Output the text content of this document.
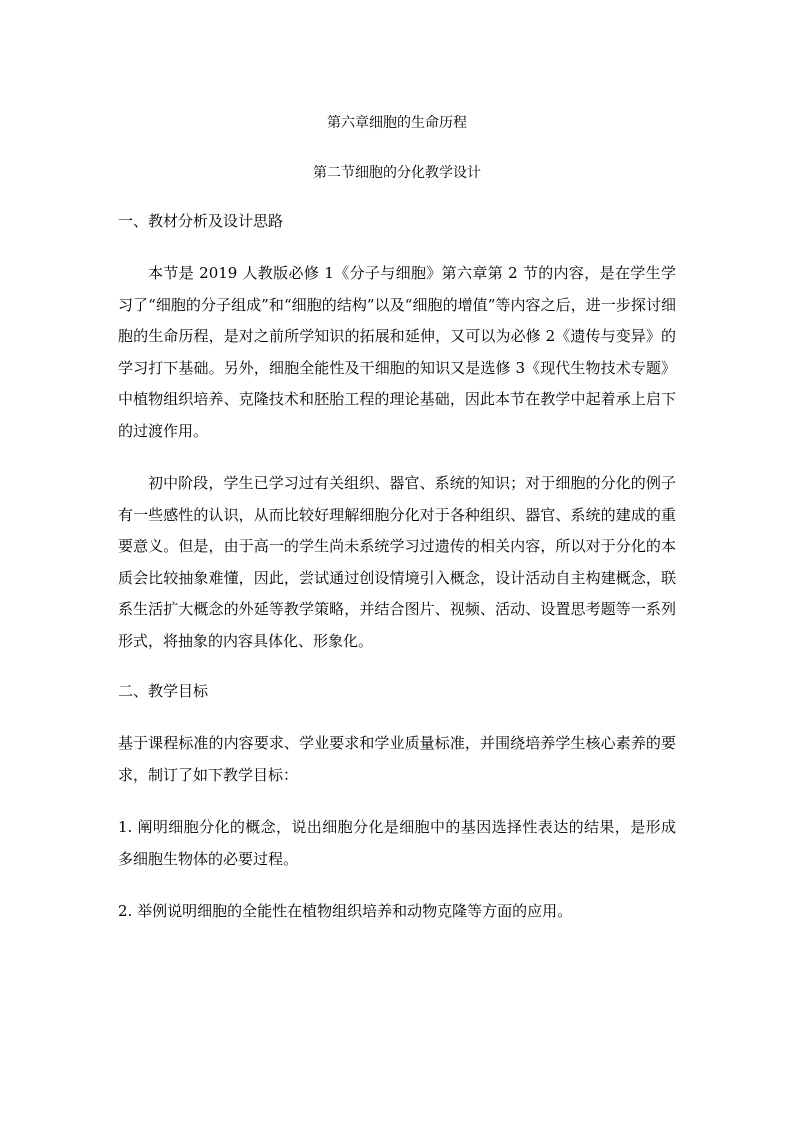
第六章细胞的生命历程

第二节细胞的分化教学设计

一、教材分析及设计思路

本节是 2019 人教版必修 1《分子与细胞》第六章第 2 节的内容，是在学生学习了“细胞的分子组成”和“细胞的结构”以及“细胞的增值”等内容之后，进一步探讨细胞的生命历程，是对之前所学知识的拓展和延伸，又可以为必修 2《遗传与变异》的学习打下基础。另外，细胞全能性及干细胞的知识又是选修 3《现代生物技术专题》中植物组织培养、克隆技术和胚胎工程的理论基础，因此本节在教学中起着承上启下的过渡作用。

初中阶段，学生已学习过有关组织、器官、系统的知识；对于细胞的分化的例子有一些感性的认识，从而比较好理解细胞分化对于各种组织、器官、系统的建成的重要意义。但是，由于高一的学生尚未系统学习过遗传的相关内容，所以对于分化的本质会比较抽象难懂，因此，尝试通过创设情境引入概念，设计活动自主构建概念，联系生活扩大概念的外延等教学策略，并结合图片、视频、活动、设置思考题等一系列形式，将抽象的内容具体化、形象化。

二、教学目标

基于课程标准的内容要求、学业要求和学业质量标准，并围绕培养学生核心素养的要求，制订了如下教学目标：

1. 阐明细胞分化的概念，说出细胞分化是细胞中的基因选择性表达的结果，是形成多细胞生物体的必要过程。

2. 举例说明细胞的全能性在植物组织培养和动物克隆等方面的应用。
